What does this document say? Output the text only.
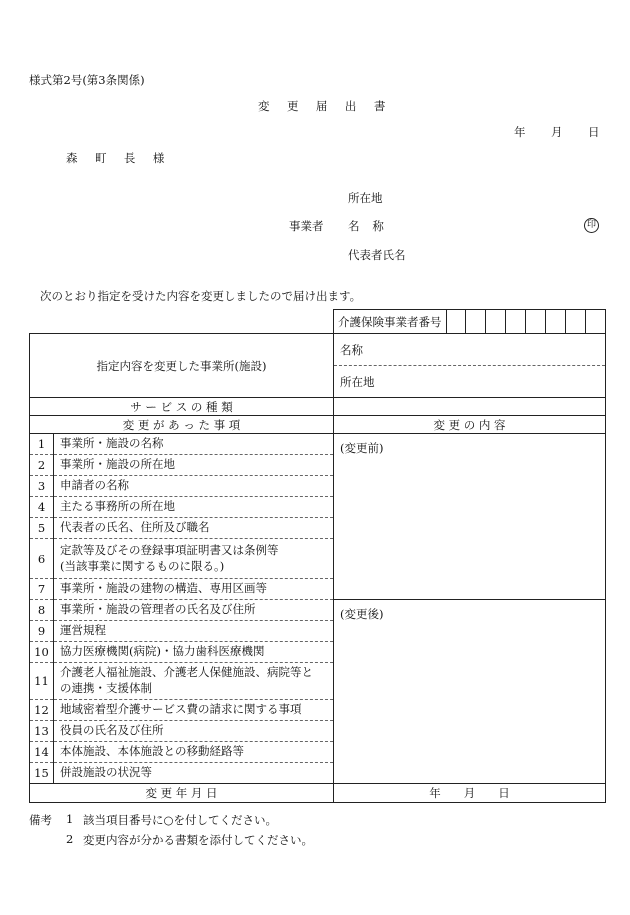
様式第2号(第3条関係)
変 更 届 出 書
年 月 日
森 町 長 様
所在地
事業者 名 称	印
代表者氏名
次のとおり指定を受けた内容を変更しましたので届け出ます。

介護保険事業者番号

指定内容を変更した事業所(施設)		名称
所在地

サ ー ビ ス の 種 類		
変 更 が あ っ た 事 項		変 更 の 内 容
1	事業所・施設の名称	(変更前)
2	事業所・施設の所在地	
3	申請者の名称	
4	主たる事務所の所在地	
5	代表者の氏名、住所及び職名	
6	定款等及びその登録事項証明書又は条例等
(当該事業に関するものに限る。)	
7	事業所・施設の建物の構造、専用区画等	
8	事業所・施設の管理者の氏名及び住所	(変更後)
9	運営規程	
10	協力医療機関(病院)・協力歯科医療機関	
11	介護老人福祉施設、介護老人保健施設、病院等と
の連携・支援体制	
12	地域密着型介護サービス費の請求に関する事項	
13	役員の氏名及び住所	
14	本体施設、本体施設との移動経路等	
15	併設施設の状況等	
変 更 年 月 日		年　　月　　日
備考 1 該当項目番号に○を付してください。
2 変更内容が分かる書類を添付してください。
